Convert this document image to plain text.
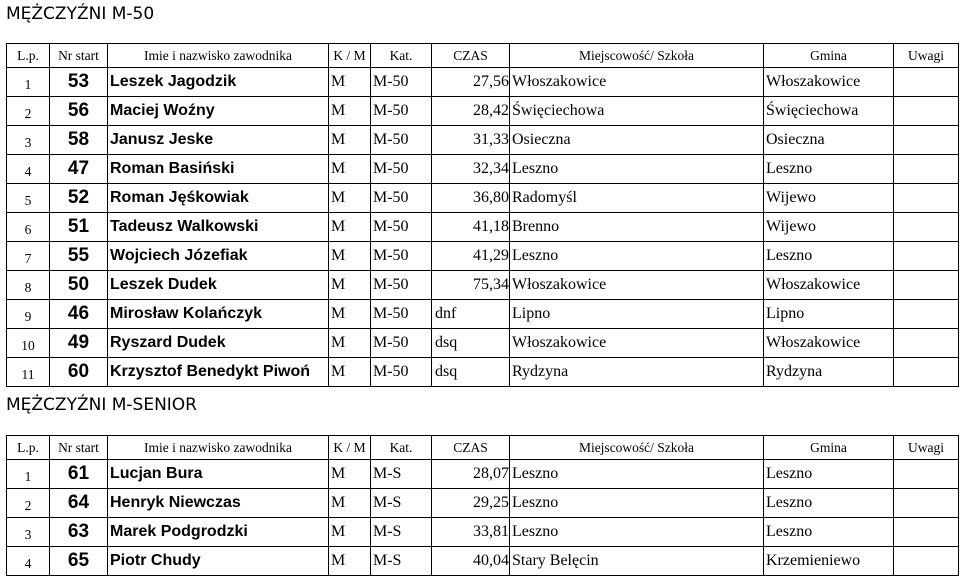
MĘŻCZYŹNI M-50
L.p.	Nr start	Imie i nazwisko zawodnika	K / M	Kat.	CZAS	Miejscowość/ Szkoła	Gmina	Uwagi
1	53	Leszek Jagodzik	M	M-50	27,56	Włoszakowice	Włoszakowice	
2	56	Maciej Woźny	M	M-50	28,42	Święciechowa	Święciechowa	
3	58	Janusz Jeske	M	M-50	31,33	Osieczna	Osieczna	
4	47	Roman Basiński	M	M-50	32,34	Leszno	Leszno	
5	52	Roman Jęśkowiak	M	M-50	36,80	Radomyśl	Wijewo	
6	51	Tadeusz Walkowski	M	M-50	41,18	Brenno	Wijewo	
7	55	Wojciech Józefiak	M	M-50	41,29	Leszno	Leszno	
8	50	Leszek Dudek	M	M-50	75,34	Włoszakowice	Włoszakowice	
9	46	Mirosław Kolańczyk	M	M-50	dnf	Lipno	Lipno	
10	49	Ryszard Dudek	M	M-50	dsq	Włoszakowice	Włoszakowice	
11	60	Krzysztof Benedykt Piwoń	M	M-50	dsq	Rydzyna	Rydzyna	
MĘŻCZYŹNI M-SENIOR
L.p.	Nr start	Imie i nazwisko zawodnika	K / M	Kat.	CZAS	Miejscowość/ Szkoła	Gmina	Uwagi
1	61	Lucjan Bura	M	M-S	28,07	Leszno	Leszno	
2	64	Henryk Niewczas	M	M-S	29,25	Leszno	Leszno	
3	63	Marek Podgrodzki	M	M-S	33,81	Leszno	Leszno	
4	65	Piotr Chudy	M	M-S	40,04	Stary Belęcin	Krzemieniewo	
